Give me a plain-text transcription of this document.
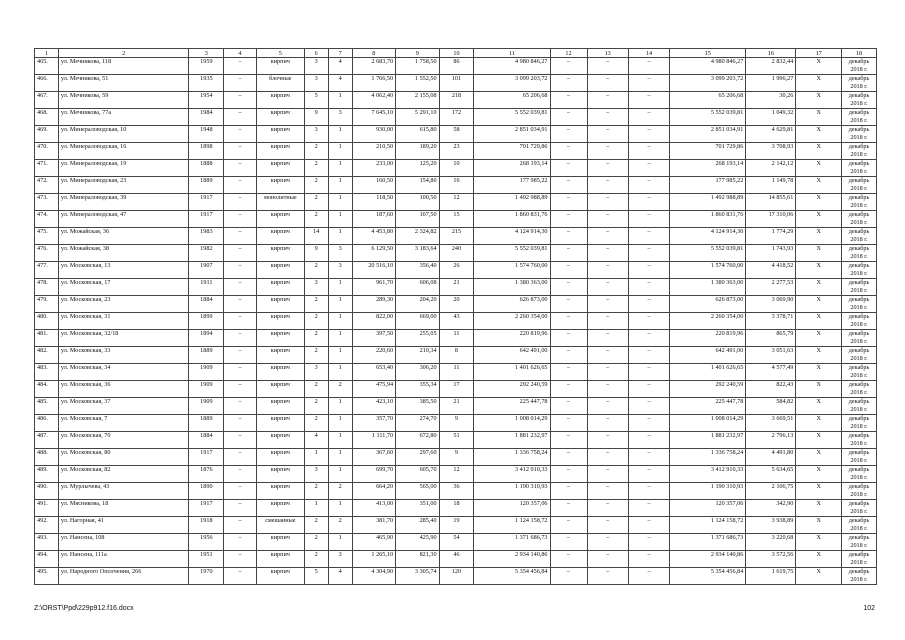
1	2	3	4	5	6	7	8	9	10	11	12	13	14	15	16	17	18
465.	ул. Мечникова, 118	1959	–	кирпич	3	4	2 683,70	1 758,50	86	4 980 846,27	–	–	–	4 980 846,27	2 832,44	X	декабрь 2018 г.
466.	ул. Мечникова, 51	1935	–	блочные	3	4	1 766,50	1 552,50	101	3 099 203,72	–	–	–	3 099 203,72	1 996,27	X	декабрь 2018 г.
467.	ул. Мечникова, 59	1954	–	кирпич	5	1	4 062,40	2 155,08	218	65 206,68	–	–	–	65 206,68	30,26	X	декабрь 2018 г.
468.	ул. Мечникова, 77а	1984	–	кирпич	9	3	7 645,10	5 291,10	172	5 552 039,81	–	–	–	5 552 039,81	1 049,32	X	декабрь 2018 г.
469.	ул. Минераловодская, 10	1948	–	кирпич	3	1	930,00	615,80	58	2 851 034,91	–	–	–	2 851 034,91	4 629,81	X	декабрь 2018 г.
470.	ул. Минераловодская, 16	1898	–	кирпич	2	1	210,50	189,20	23	701 729,86	–	–	–	701 729,86	3 708,93	X	декабрь 2018 г.
471.	ул. Минераловодская, 19	1888	–	кирпич	2	1	233,00	125,20	10	268 193,14	–	–	–	268 193,14	2 142,12	X	декабрь 2018 г.
472.	ул. Минераловодская, 23	1889	–	кирпич	2	1	160,50	154,80	16	177 985,22	–	–	–	177 985,22	1 149,78	X	декабрь 2018 г.
473.	ул. Минераловодская, 39	1917	–	монолитные	2	1	118,50	100,50	12	1 492 988,89	–	–	–	1 492 988,89	14 855,61	X	декабрь 2018 г.
474.	ул. Минераловодская, 47	1917	–	кирпич	2	1	187,60	107,50	15	1 860 831,76	–	–	–	1 860 831,76	17 310,06	X	декабрь 2018 г.
475.	ул. Можайская, 36	1983	–	кирпич	14	1	4 453,80	2 324,82	215	4 124 914,30	–	–	–	4 124 914,30	1 774,29	X	декабрь 2018 г.
476.	ул. Можайская, 38	1982	–	кирпич	9	3	6 129,50	3 183,64	240	5 552 039,81	–	–	–	5 552 039,81	1 743,93	X	декабрь 2018 г.
477.	ул. Московская, 13	1907	–	кирпич	2	3	20 516,10	356,40	26	1 574 760,00	–	–	–	1 574 760,00	4 418,52	X	декабрь 2018 г.
478.	ул. Московская, 17	1911	–	кирпич	3	1	961,70	606,08	21	1 380 363,00	–	–	–	1 380 363,00	2 277,53	X	декабрь 2018 г.
479.	ул. Московская, 23	1884	–	кирпич	2	1	289,30	204,20	20	626 873,00	–	–	–	626 873,00	3 069,90	X	декабрь 2018 г.
480.	ул. Московская, 31	1899	–	кирпич	2	1	822,00	669,00	43	2 260 354,00	–	–	–	2 260 354,00	3 378,71	X	декабрь 2018 г.
481.	ул. Московская, 32/18	1894	–	кирпич	2	1	397,50	255,05	11	220 819,96	–	–	–	220 819,96	865,79	X	декабрь 2018 г.
482.	ул. Московская, 33	1889	–	кирпич	2	1	220,60	210,34	8	642 491,00	–	–	–	642 491,00	3 051,63	X	декабрь 2018 г.
483.	ул. Московская, 34	1909	–	кирпич	3	1	653,40	306,20	11	1 401 626,65	–	–	–	1 401 626,65	4 577,49	X	декабрь 2018 г.
484.	ул. Московская, 36	1909	–	кирпич	2	2	475,94	355,34	17	292 240,59	–	–	–	292 240,59	822,43	X	декабрь 2018 г.
485.	ул. Московская, 37	1909	–	кирпич	2	1	423,10	385,50	21	225 447,78	–	–	–	225 447,78	584,82	X	декабрь 2018 г.
486.	ул. Московская, 7	1889	–	кирпич	2	1	357,70	274,70	9	1 008 014,29	–	–	–	1 008 014,29	3 669,51	X	декабрь 2018 г.
487.	ул. Московская, 70	1884	–	кирпич	4	1	1 111,70	672,80	51	1 881 232,97	–	–	–	1 881 232,97	2 796,13	X	декабрь 2018 г.
488.	ул. Московская, 80	1917	–	кирпич	1	1	367,60	297,60	9	1 336 758,24	–	–	–	1 336 758,24	4 491,80	X	декабрь 2018 г.
489.	ул. Московская, 82	1876	–	кирпич	3	1	699,70	605,70	12	3 412 910,33	–	–	–	3 412 910,33	5 634,65	X	декабрь 2018 г.
490.	ул. Мурлычева, 43	1890	–	кирпич	2	2	664,20	565,00	36	1 190 310,93	–	–	–	1 190 310,93	2 106,75	X	декабрь 2018 г.
491.	ул. Мясникова, 18	1917	–	кирпич	1	1	413,00	351,00	18	120 357,06	–	–	–	120 357,06	342,90	X	декабрь 2018 г.
492.	ул. Нагорная, 41	1918	–	смешанные	2	2	381,70	285,40	19	1 124 158,72	–	–	–	1 124 158,72	3 938,89	X	декабрь 2018 г.
493.	ул. Нансена, 108	1956	–	кирпич	2	1	465,90	425,90	54	1 371 686,73	–	–	–	1 371 686,73	3 220,68	X	декабрь 2018 г.
494.	ул. Нансена, 111а	1951	–	кирпич	2	3	1 265,10	821,30	46	2 934 140,86	–	–	–	2 934 140,86	3 572,56	X	декабрь 2018 г.
495.	ул. Народного Ополчения, 266	1970	–	кирпич	5	4	4 304,90	3 305,74	120	5 354 456,84	–	–	–	5 354 456,84	1 619,75	X	декабрь 2018 г.
Z:\ORST\Ppd\229p912.f16.docx	102
